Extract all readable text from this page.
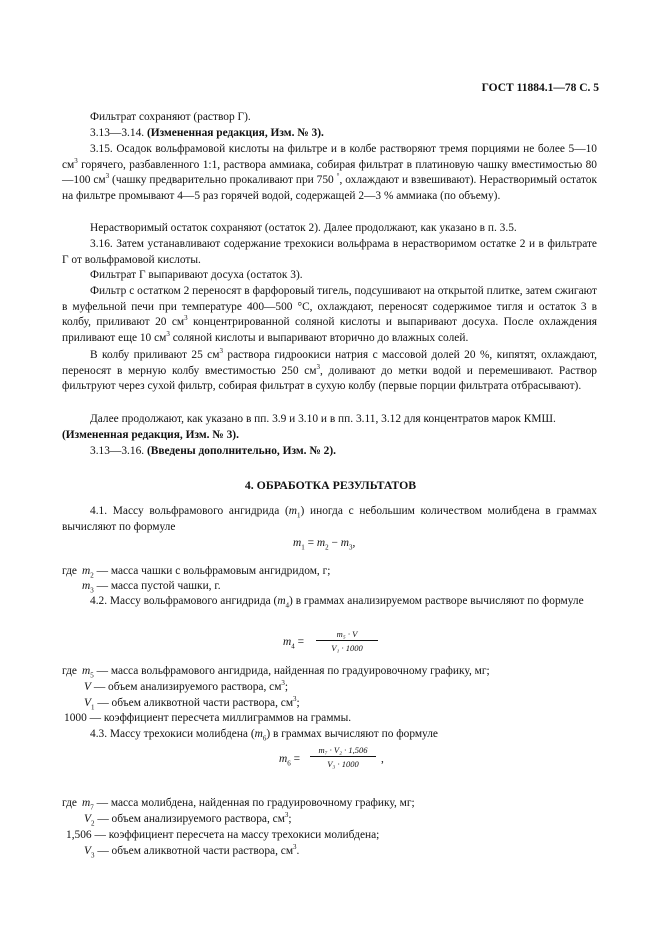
ГОСТ 11884.1—78 С. 5
Фильтрат сохраняют (раствор Г).
3.13—3.14. (Измененная редакция, Изм. № 3).
3.15. Осадок вольфрамовой кислоты на фильтре и в колбе растворяют тремя порциями не более 5—10 $см^3$ горячего, разбавленного 1:1, раствора аммиака, собирая фильтрат в платиновую чашку вместимостью 80—100 $см^3$ (чашку предварительно прокаливают при 750 °, охлаждают и взвешивают). Нерастворимый остаток на фильтре промывают 4—5 раз горячей водой, содержащей 2—3 % аммиака (по объему).
Нерастворимый остаток сохраняют (остаток 2). Далее продолжают, как указано в п. 3.5.
3.16. Затем устанавливают содержание трехокиси вольфрама в нерастворимом остатке 2 и в фильтрате Г от вольфрамовой кислоты.
Фильтрат Г выпаривают досуха (остаток 3).
Фильтр с остатком 2 переносят в фарфоровый тигель, подсушивают на открытой плитке, затем сжигают в муфельной печи при температуре 400—500 °С, охлаждают, переносят содержимое тигля и остаток 3 в колбу, приливают 20 $см^3$ концентрированной соляной кислоты и выпаривают досуха. После охлаждения приливают еще 10 $см^3$ соляной кислоты и выпаривают вторично до влажных солей.
В колбу приливают 25 $см^3$ раствора гидроокиси натрия с массовой долей 20 %, кипятят, охлаждают, переносят в мерную колбу вместимостью 250 $см^3$, доливают до метки водой и перемешивают. Раствор фильтруют через сухой фильтр, собирая фильтрат в сухую колбу (первые порции фильтрата отбрасывают).
Далее продолжают, как указано в пп. 3.9 и 3.10 и в пп. 3.11, 3.12 для концентратов марок КМШ.
(Измененная редакция, Изм. № 3).
3.13—3.16. (Введены дополнительно, Изм. № 2).
4. ОБРАБОТКА РЕЗУЛЬТАТОВ
4.1. Массу вольфрамового ангидрида $(m_1)$ иногда с небольшим количеством молибдена в граммах вычисляют по формуле
$m_1 = m_2 - m_3$,
где $m_2$ — масса чашки с вольфрамовым ангидридом, г;
$m_3$ — масса пустой чашки, г.
4.2. Массу вольфрамового ангидрида $(m_4)$ в граммах анализируемом растворе вычисляют по формуле
$m_4$ =
m₅ · V
V₁ · 1000
где $m_5$ — масса вольфрамового ангидрида, найденная по градуировочному графику, мг;
V — объем анализируемого раствора, $см^3$;
$V_1$ — объем аликвотной части раствора, $см^3$;
1000 — коэффициент пересчета миллиграммов на граммы.
4.3. Массу трехокиси молибдена $(m_6)$ в граммах вычисляют по формуле
$m_6$ =
m₇ · V₂ · 1,506
V₃ · 1000	,
где $m_7$ — масса молибдена, найденная по градуировочному графику, мг;
$V_2$ — объем анализируемого раствора, $см^3$;
1,506 — коэффициент пересчета на массу трехокиси молибдена;
$V_3$ — объем аликвотной части раствора, $см^3$.
